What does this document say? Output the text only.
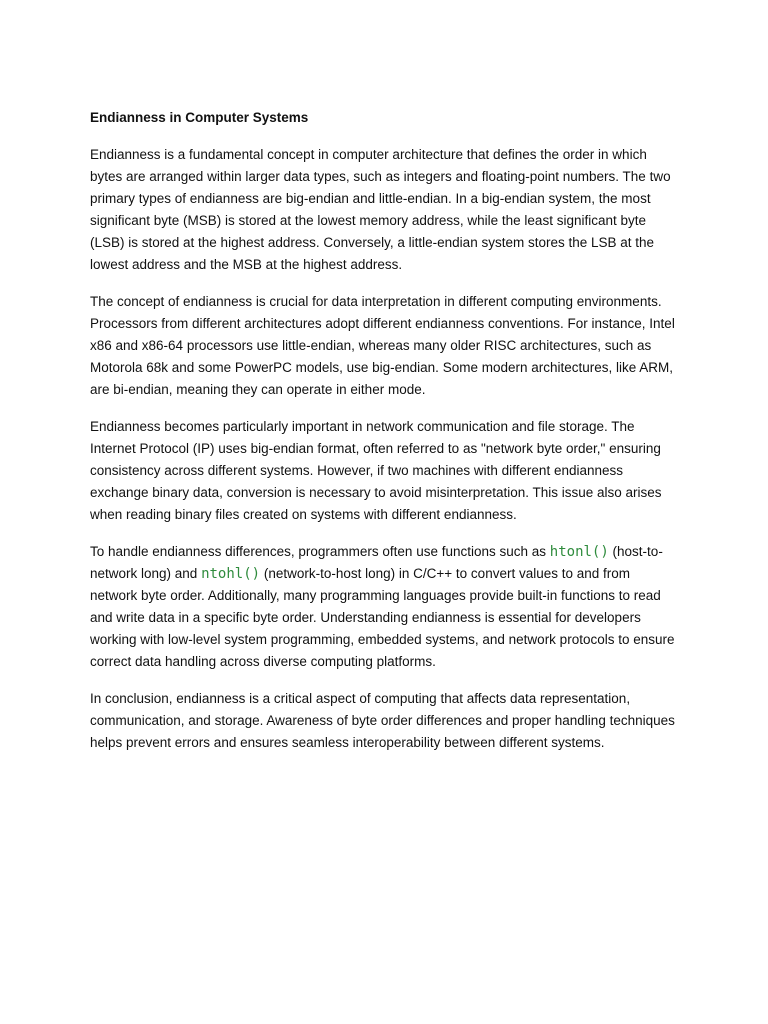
Endianness in Computer Systems

Endianness is a fundamental concept in computer architecture that defines the order in which bytes are arranged within larger data types, such as integers and floating-point numbers. The two primary types of endianness are big-endian and little-endian. In a big-endian system, the most significant byte (MSB) is stored at the lowest memory address, while the least significant byte (LSB) is stored at the highest address. Conversely, a little-endian system stores the LSB at the lowest address and the MSB at the highest address.

The concept of endianness is crucial for data interpretation in different computing environments. Processors from different architectures adopt different endianness conventions. For instance, Intel x86 and x86-64 processors use little-endian, whereas many older RISC architectures, such as Motorola 68k and some PowerPC models, use big-endian. Some modern architectures, like ARM, are bi-endian, meaning they can operate in either mode.

Endianness becomes particularly important in network communication and file storage. The Internet Protocol (IP) uses big-endian format, often referred to as "network byte order," ensuring consistency across different systems. However, if two machines with different endianness exchange binary data, conversion is necessary to avoid misinterpretation. This issue also arises when reading binary files created on systems with different endianness.

To handle endianness differences, programmers often use functions such as htonl() (host-to-network long) and ntohl() (network-to-host long) in C/C++ to convert values to and from network byte order. Additionally, many programming languages provide built-in functions to read and write data in a specific byte order. Understanding endianness is essential for developers working with low-level system programming, embedded systems, and network protocols to ensure correct data handling across diverse computing platforms.

In conclusion, endianness is a critical aspect of computing that affects data representation, communication, and storage. Awareness of byte order differences and proper handling techniques helps prevent errors and ensures seamless interoperability between different systems.
